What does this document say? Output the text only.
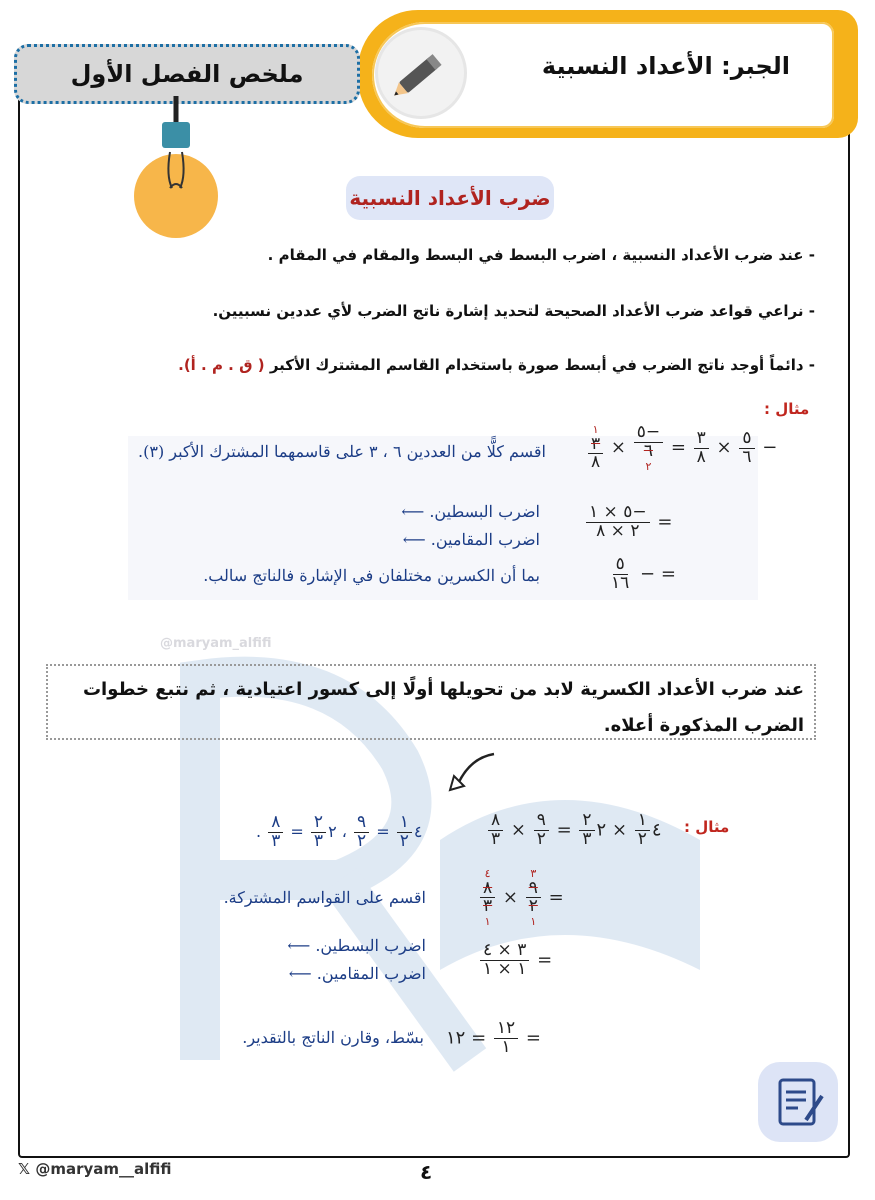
الجبر: الأعداد النسبية
ملخص الفصل الأول
ضرب الأعداد النسبية
- عند ضرب الأعداد النسبية ، اضرب البسط في البسط والمقام في المقام .
- نراعي قواعد ضرب الأعداد الصحيحة لتحديد إشارة ناتج الضرب لأي عددين نسبيين.
- دائماً أوجد ناتج الضرب في أبسط صورة باستخدام القاسم المشترك الأكبر ( ق . م . أ).
مثال :
−
$\frac{٥}{٦}$
×
$\frac{٣}{٨}$
=
−٥
٦
٢
×
١
٣
٨
اقسم كلًّا من العددين ٦ ، ٣ على قاسمهما المشترك الأكبر (٣).
=
$\frac{-٥ \times ١}{٢ \times ٨}$
اضرب البسطين. ⟵
اضرب المقامين. ⟵
= −
$\frac{٥}{١٦}$
بما أن الكسرين مختلفان في الإشارة فالناتج سالب.
@maryam_alfifi
عند ضرب الأعداد الكسرية لابد من تحويلها أولًا إلى كسور اعتيادية ، ثم نتبع خطوات الضرب المذكورة أعلاه.
مثال :
٤
$\frac{١}{٢}$
× ٢
$\frac{٢}{٣}$
=
$\frac{٩}{٢}$
×
$\frac{٨}{٣}$
٤
$\frac{١}{٢}$
=
$\frac{٩}{٢}$
، ٢
$\frac{٢}{٣}$
=
$\frac{٨}{٣}$
.
=
٣
٩
٢
١
×
٤
٨
٣
١
اقسم على القواسم المشتركة.
=
$\frac{٣ \times ٤}{١ \times ١}$
اضرب البسطين. ⟵
اضرب المقامين. ⟵
=
$\frac{١٢}{١}$
= ١٢
بسّط، وقارن الناتج بالتقدير.
𝕏 @maryam__alfifi	٤
